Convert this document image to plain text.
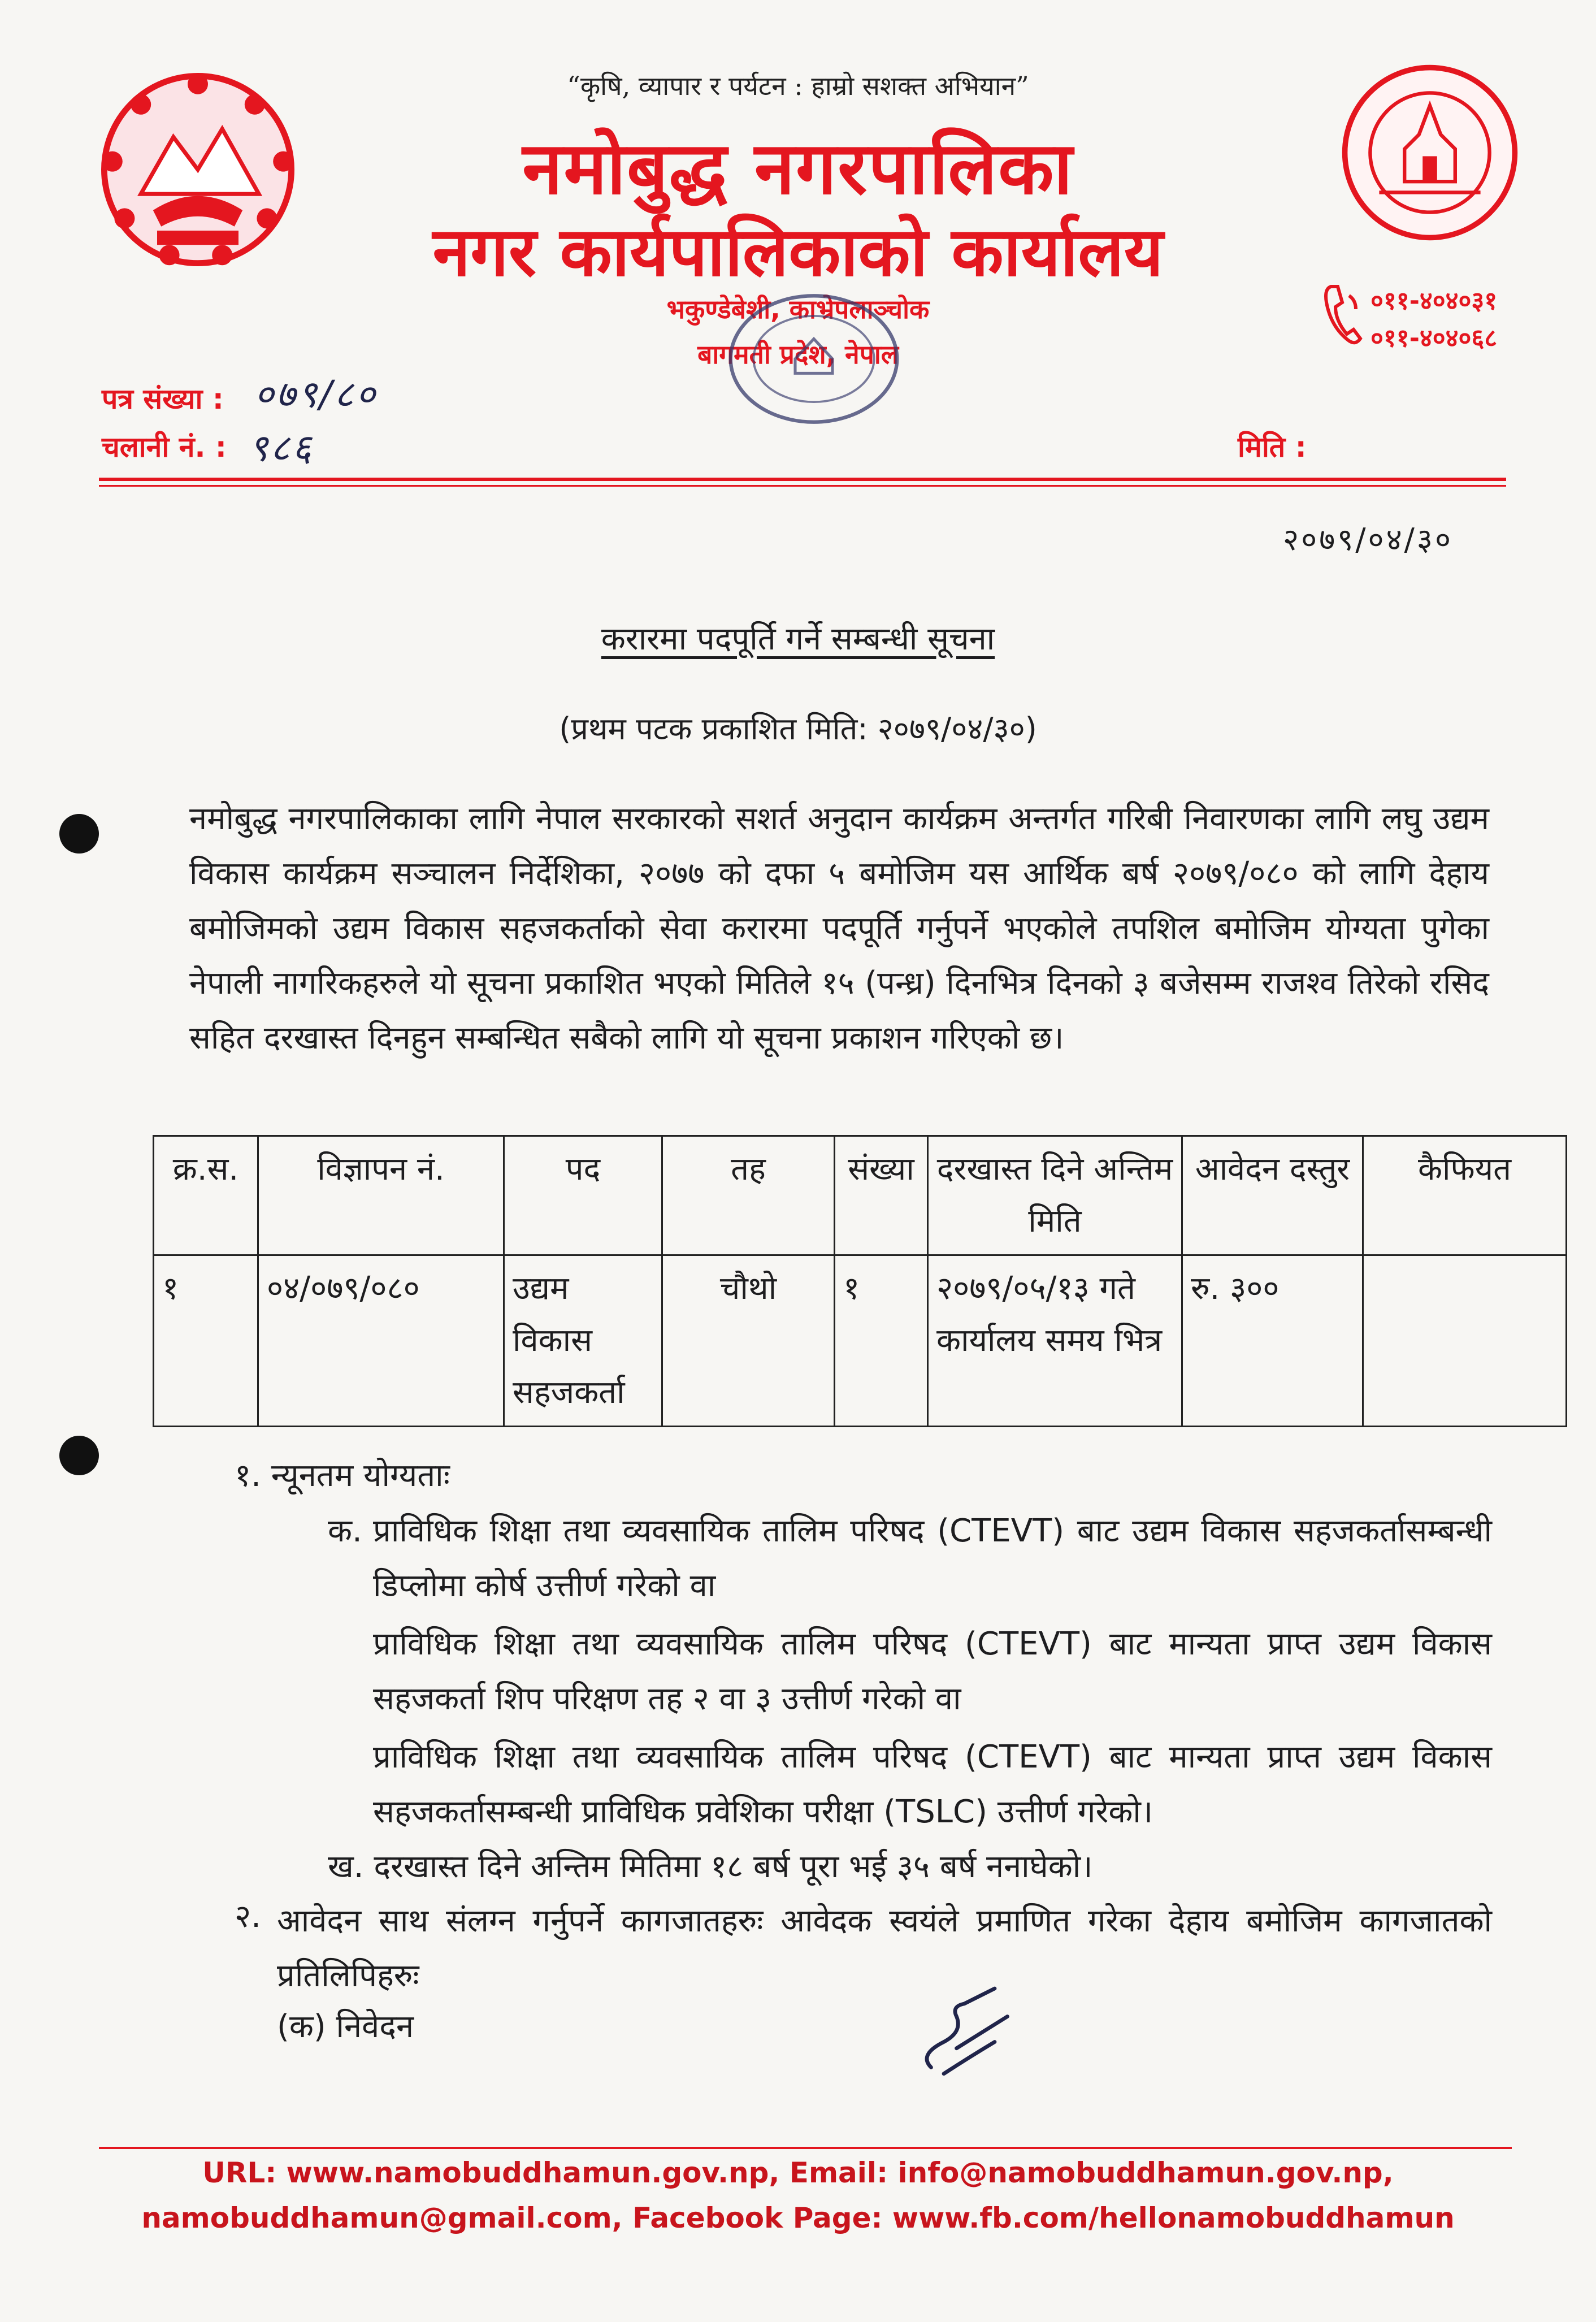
“कृषि, व्यापार र पर्यटन : हाम्रो सशक्त अभियान”
नमोबुद्ध नगरपालिका
नगर कार्यपालिकाको कार्यालय
भकुण्डेबेशी, काभ्रेपलाञ्चोक
बागमती प्रदेश, नेपाल
०११-४०४०३१
०११-४०४०६८
पत्र संख्या : ०७९/८०
चलानी नं. : ९८६	मिति :
२०७९/०४/३०
करारमा पदपूर्ति गर्ने सम्बन्धी सूचना
(प्रथम पटक प्रकाशित मिति: २०७९/०४/३०)
नमोबुद्ध नगरपालिकाका लागि नेपाल सरकारको सशर्त अनुदान कार्यक्रम अन्तर्गत गरिबी निवारणका लागि लघु उद्यम विकास कार्यक्रम सञ्चालन निर्देशिका, २०७७ को दफा ५ बमोजिम यस आर्थिक बर्ष २०७९/०८० को लागि देहाय बमोजिमको उद्यम विकास सहजकर्ताको सेवा करारमा पदपूर्ति गर्नुपर्ने भएकोले तपशिल बमोजिम योग्यता पुगेका नेपाली नागरिकहरुले यो सूचना प्रकाशित भएको मितिले १५ (पन्ध्र) दिनभित्र दिनको ३ बजेसम्म राजश्व तिरेको रसिद सहित दरखास्त दिनहुन सम्बन्धित सबैको लागि यो सूचना प्रकाशन गरिएको छ।
क्र.स.	विज्ञापन नं.	पद	तह	संख्या	दरखास्त दिने अन्तिम मिति	आवेदन दस्तुर	कैफियत
१	०४/०७९/०८०	उद्यम विकास सहजकर्ता	चौथो	१	२०७९/०५/१३ गते कार्यालय समय भित्र	रु. ३००	
१. न्यूनतम योग्यताः
क. प्राविधिक शिक्षा तथा व्यवसायिक तालिम परिषद (CTEVT) बाट उद्यम विकास सहजकर्तासम्बन्धी डिप्लोमा कोर्ष उत्तीर्ण गरेको वा
प्राविधिक शिक्षा तथा व्यवसायिक तालिम परिषद (CTEVT) बाट मान्यता प्राप्त उद्यम विकास सहजकर्ता शिप परिक्षण तह २ वा ३ उत्तीर्ण गरेको वा
प्राविधिक शिक्षा तथा व्यवसायिक तालिम परिषद (CTEVT) बाट मान्यता प्राप्त उद्यम विकास सहजकर्तासम्बन्धी प्राविधिक प्रवेशिका परीक्षा (TSLC) उत्तीर्ण गरेको।
ख. दरखास्त दिने अन्तिम मितिमा १८ बर्ष पूरा भई ३५ बर्ष ननाघेको।
२. आवेदन साथ संलग्न गर्नुपर्ने कागजातहरुः आवेदक स्वयंले प्रमाणित गरेका देहाय बमोजिम कागजातको प्रतिलिपिहरुः
(क) निवेदन
URL: www.namobuddhamun.gov.np, Email: info@namobuddhamun.gov.np,
namobuddhamun@gmail.com, Facebook Page: www.fb.com/hellonamobuddhamun
